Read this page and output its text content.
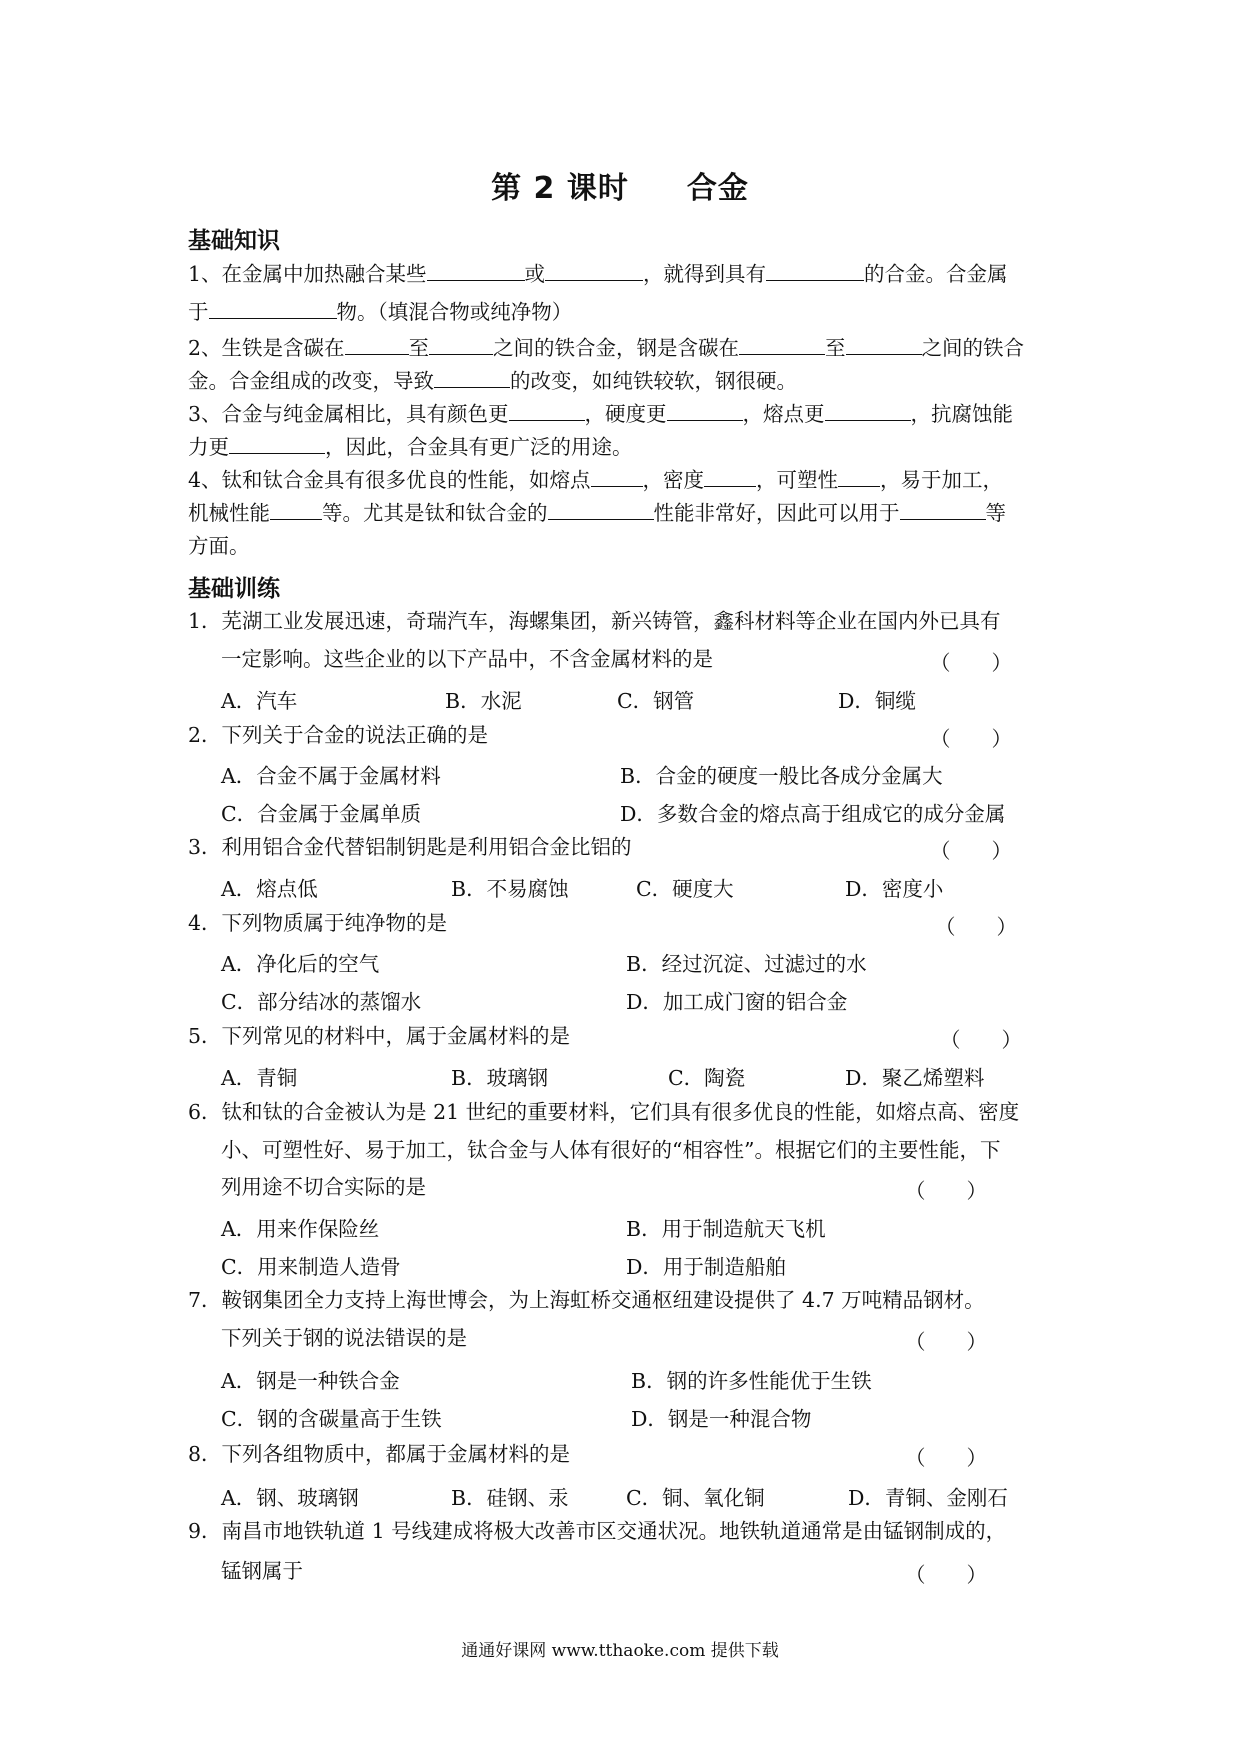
第 2 课时 合金
基础知识
1、在金属中加热融合某些	或	，就得到具有	的合金。合金属
于	物。（填混合物或纯净物）
2、生铁是含碳在	至	之间的铁合金，钢是含碳在	至	之间的铁合
金。合金组成的改变，导致	的改变，如纯铁较软，钢很硬。
3、合金与纯金属相比，具有颜色更	，硬度更	，熔点更	，抗腐蚀能
力更	，因此，合金具有更广泛的用途。
4、钛和钛合金具有很多优良的性能，如熔点	，密度	，可塑性 ，易于加工，
机械性能	等。尤其是钛和钛合金的	性能非常好，因此可以用于	等
方面。
基础训练
1．芜湖工业发展迅速，奇瑞汽车，海螺集团，新兴铸管，鑫科材料等企业在国内外已具有
一定影响。这些企业的以下产品中，不含金属材料的是	（　　）
A．汽车	B．水泥	C．钢管	D．铜缆
2．下列关于合金的说法正确的是	（　　）
A．合金不属于金属材料	B．合金的硬度一般比各成分金属大
C．合金属于金属单质	D．多数合金的熔点高于组成它的成分金属
3．利用铝合金代替铝制钥匙是利用铝合金比铝的	（　　）
A．熔点低	B．不易腐蚀	C．硬度大	D．密度小
4．下列物质属于纯净物的是	（　　）
A．净化后的空气	B．经过沉淀、过滤过的水
C．部分结冰的蒸馏水	D．加工成门窗的铝合金
5．下列常见的材料中，属于金属材料的是	（　　）
A．青铜	B．玻璃钢	C．陶瓷	D．聚乙烯塑料
6．钛和钛的合金被认为是 21 世纪的重要材料，它们具有很多优良的性能，如熔点高、密度
小、可塑性好、易于加工，钛合金与人体有很好的“相容性”。根据它们的主要性能，下
列用途不切合实际的是	（　　）
A．用来作保险丝	B．用于制造航天飞机
C．用来制造人造骨	D．用于制造船舶
7．鞍钢集团全力支持上海世博会，为上海虹桥交通枢纽建设提供了 4.7 万吨精品钢材。
下列关于钢的说法错误的是	（　　）
A．钢是一种铁合金	B．钢的许多性能优于生铁
C．钢的含碳量高于生铁	D．钢是一种混合物
8．下列各组物质中，都属于金属材料的是	（　　）
A．钢、玻璃钢	B．硅钢、汞	C．铜、氧化铜	D．青铜、金刚石
9．南昌市地铁轨道 1 号线建成将极大改善市区交通状况。地铁轨道通常是由锰钢制成的，
锰钢属于	（　　）
通通好课网 www.tthaoke.com 提供下载
